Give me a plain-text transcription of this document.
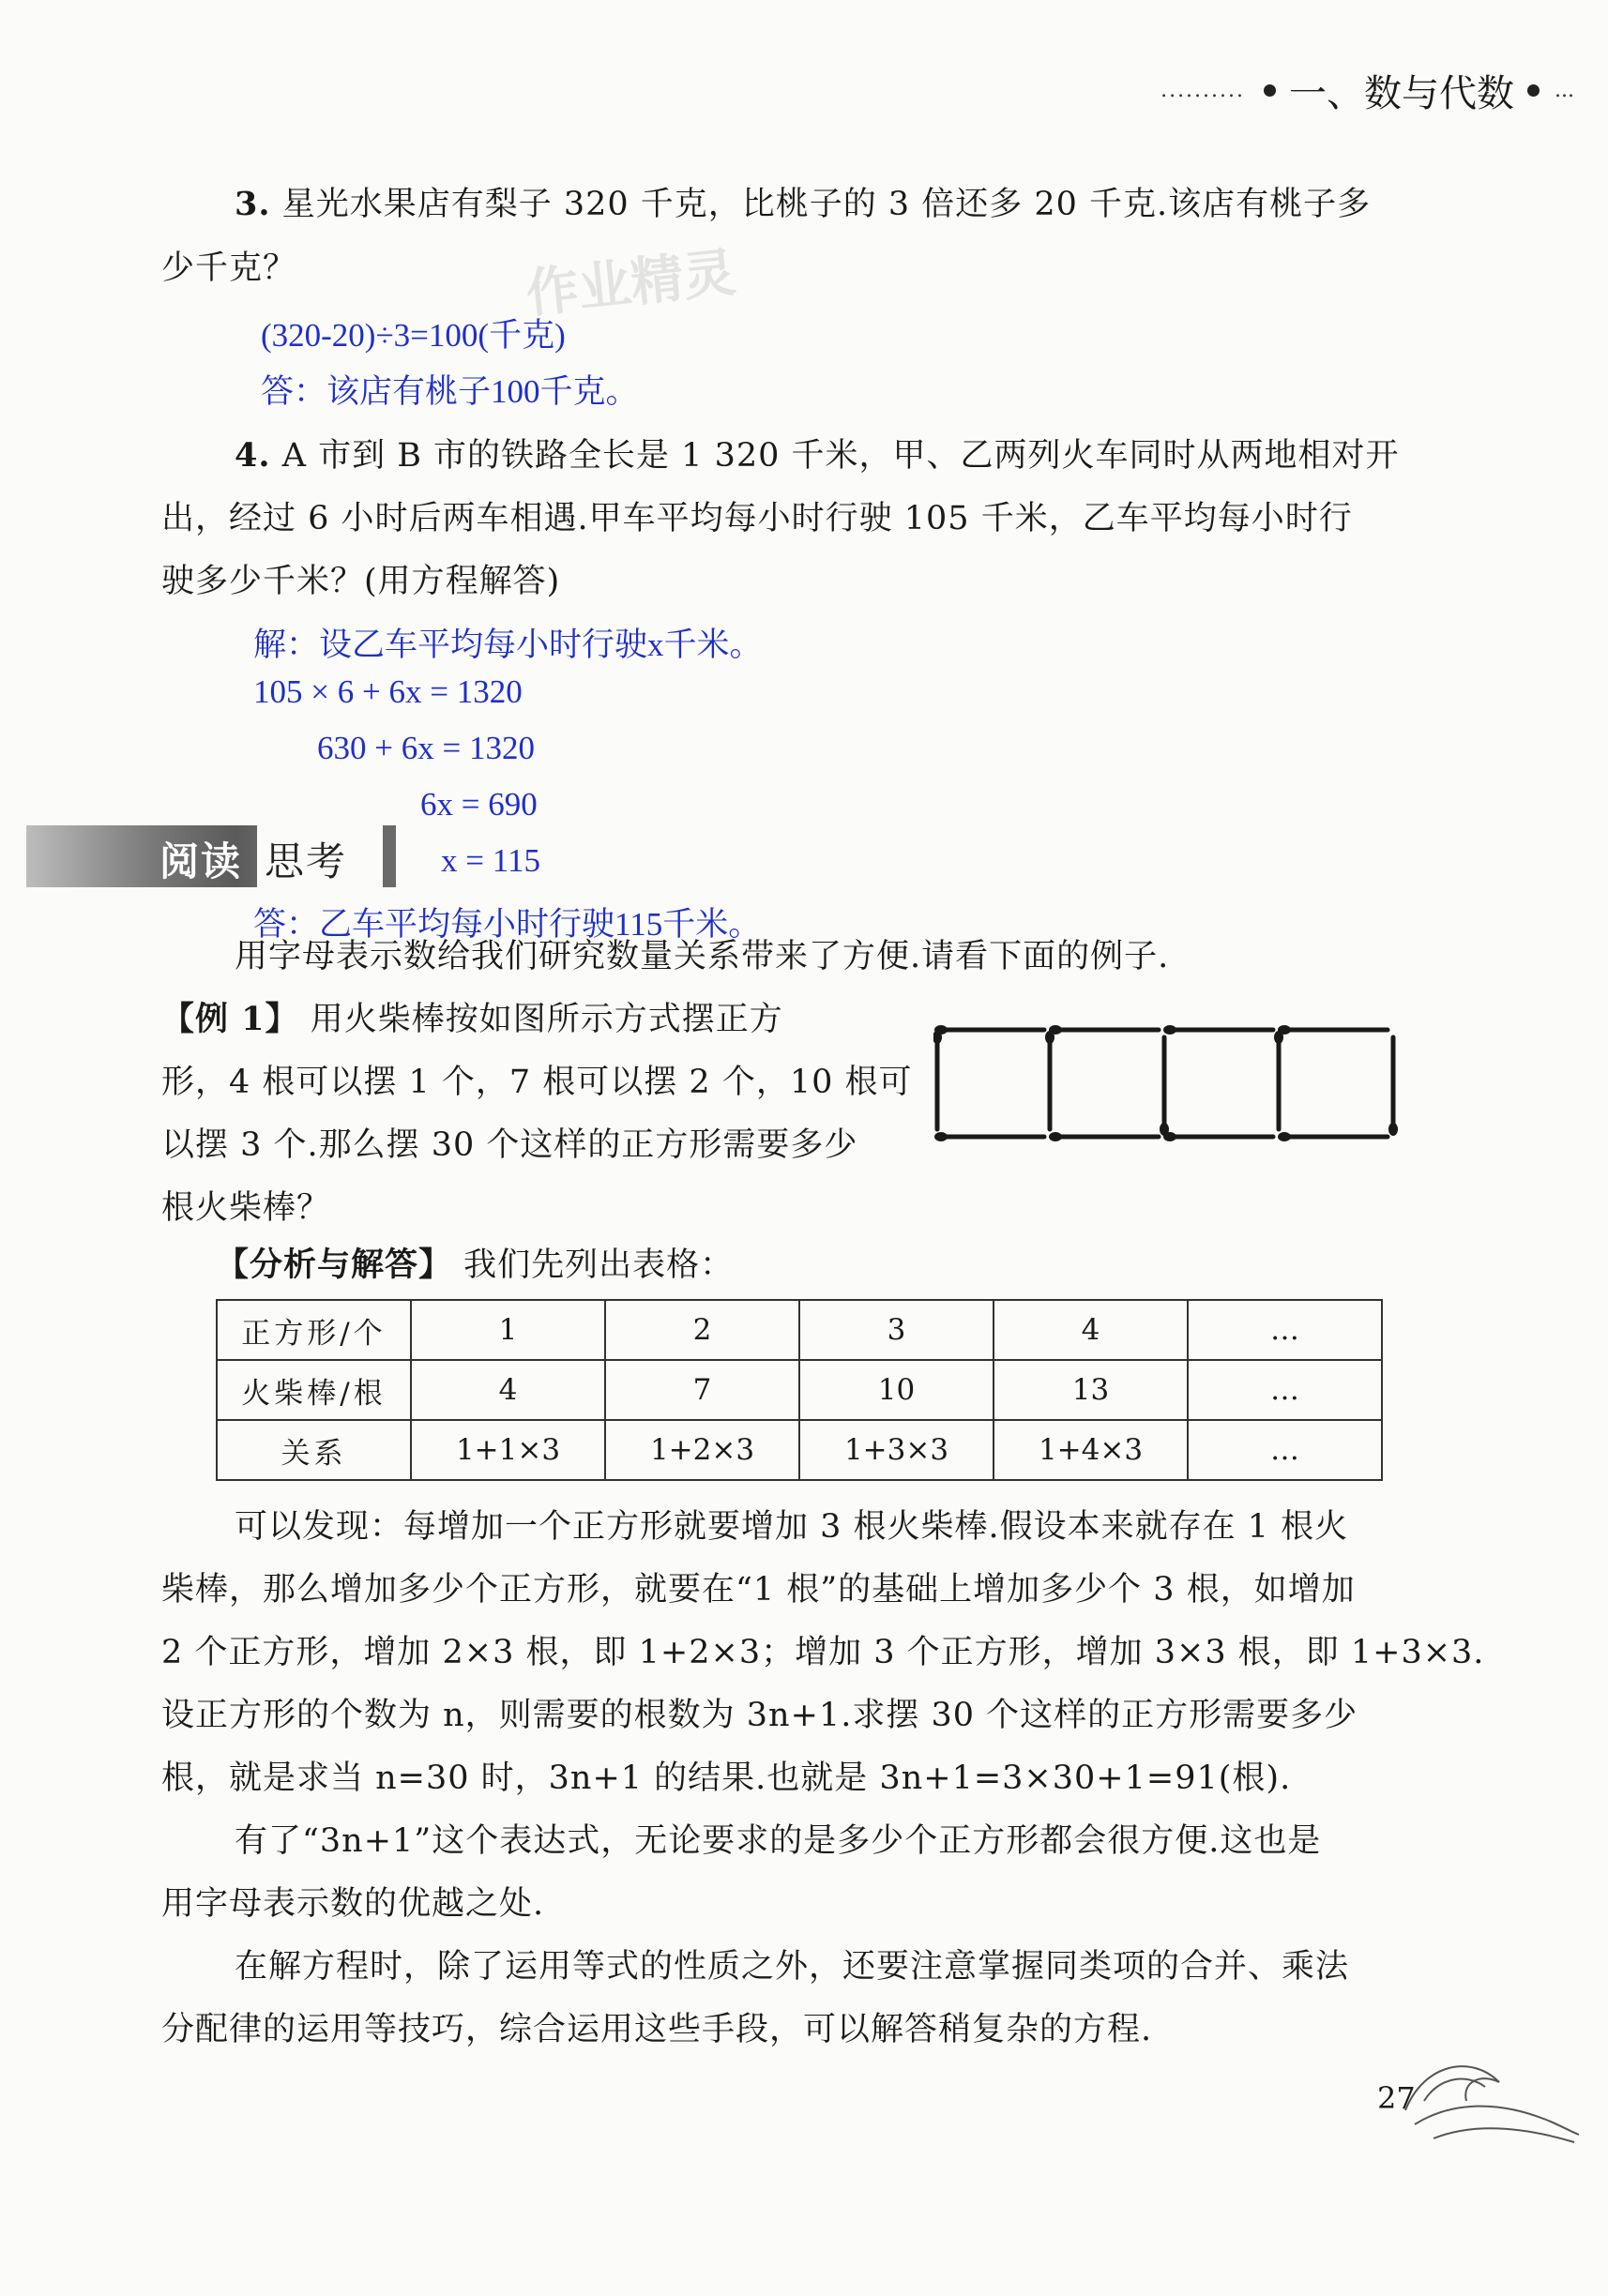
.......... 一、数与代数 ...
3. 星光水果店有梨子 320 千克，比桃子的 3 倍还多 20 千克.该店有桃子多
少千克？
(320-20)÷3=100(千克)
答：该店有桃子100千克。
作业精灵
4. A 市到 B 市的铁路全长是 1 320 千米，甲、乙两列火车同时从两地相对开
出，经过 6 小时后两车相遇.甲车平均每小时行驶 105 千米，乙车平均每小时行
驶多少千米？(用方程解答)
解：设乙车平均每小时行驶x千米。
105 × 6 + 6x = 1320
630 + 6x = 1320
6x = 690
x = 115
答：乙车平均每小时行驶115千米。
阅读 思考
用字母表示数给我们研究数量关系带来了方便.请看下面的例子.
【例 1】 用火柴棒按如图所示方式摆正方
形，4 根可以摆 1 个，7 根可以摆 2 个，10 根可
以摆 3 个.那么摆 30 个这样的正方形需要多少
根火柴棒？
【分析与解答】 我们先列出表格：
正方形/个	1	2	3	4	…
火柴棒/根	4	7	10	13	…
关系	1+1×3	1+2×3	1+3×3	1+4×3	…
可以发现：每增加一个正方形就要增加 3 根火柴棒.假设本来就存在 1 根火
柴棒，那么增加多少个正方形，就要在“1 根”的基础上增加多少个 3 根，如增加
2 个正方形，增加 2×3 根，即 1+2×3；增加 3 个正方形，增加 3×3 根，即 1+3×3.
设正方形的个数为 n，则需要的根数为 3n+1.求摆 30 个这样的正方形需要多少
根，就是求当 n=30 时，3n+1 的结果.也就是 3n+1=3×30+1=91(根).
有了“3n+1”这个表达式，无论要求的是多少个正方形都会很方便.这也是
用字母表示数的优越之处.
在解方程时，除了运用等式的性质之外，还要注意掌握同类项的合并、乘法
分配律的运用等技巧，综合运用这些手段，可以解答稍复杂的方程.
27
